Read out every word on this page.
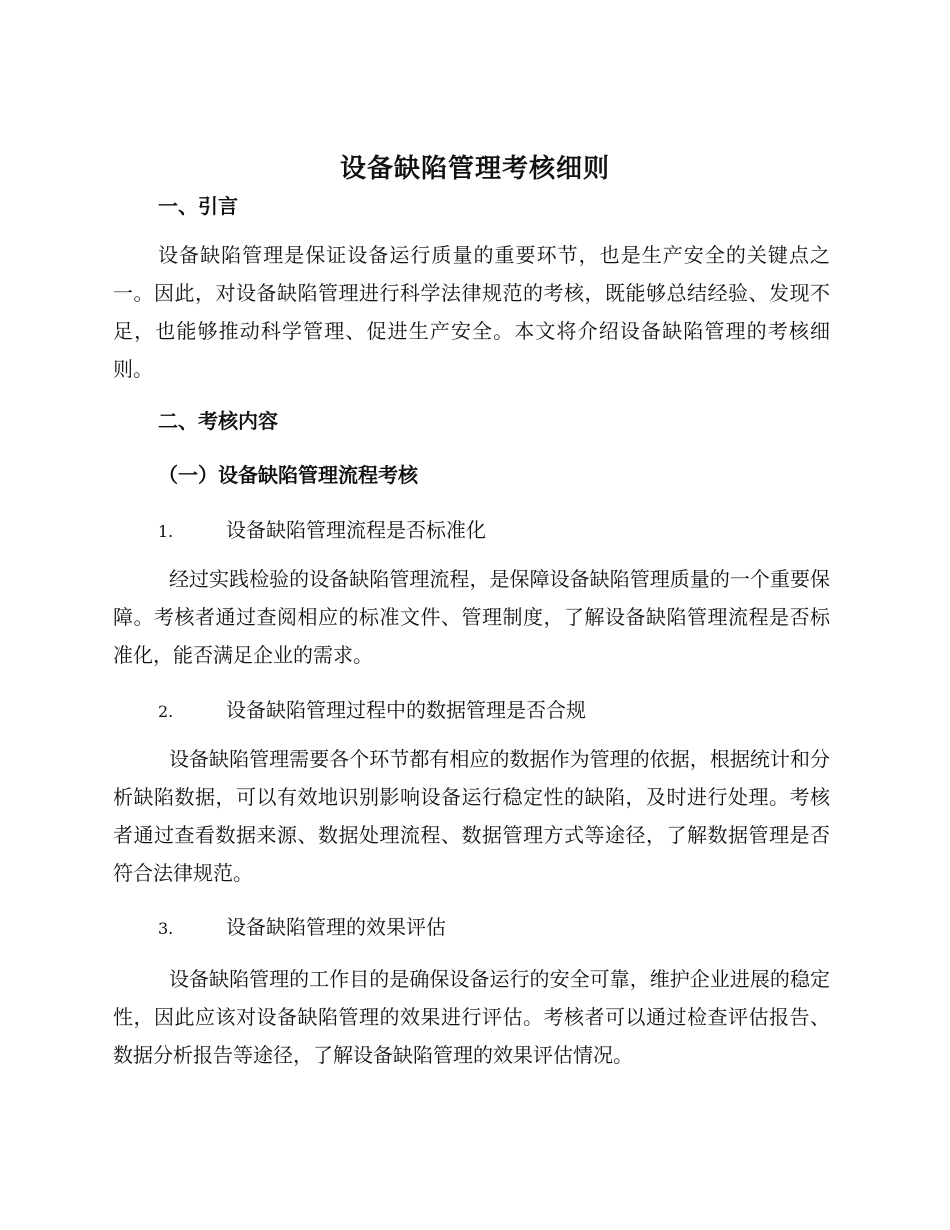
设备缺陷管理考核细则
一、引言

设备缺陷管理是保证设备运行质量的重要环节，也是生产安全的关键点之一。因此，对设备缺陷管理进行科学法律规范的考核，既能够总结经验、发现不足，也能够推动科学管理、促进生产安全。本文将介绍设备缺陷管理的考核细则。

二、考核内容
（一）设备缺陷管理流程考核

1.	设备缺陷管理流程是否标准化

经过实践检验的设备缺陷管理流程，是保障设备缺陷管理质量的一个重要保障。考核者通过查阅相应的标准文件、管理制度，了解设备缺陷管理流程是否标准化，能否满足企业的需求。

2.	设备缺陷管理过程中的数据管理是否合规

设备缺陷管理需要各个环节都有相应的数据作为管理的依据，根据统计和分析缺陷数据，可以有效地识别影响设备运行稳定性的缺陷，及时进行处理。考核者通过查看数据来源、数据处理流程、数据管理方式等途径，了解数据管理是否符合法律规范。

3.	设备缺陷管理的效果评估

设备缺陷管理的工作目的是确保设备运行的安全可靠，维护企业进展的稳定性，因此应该对设备缺陷管理的效果进行评估。考核者可以通过检查评估报告、数据分析报告等途径，了解设备缺陷管理的效果评估情况。
